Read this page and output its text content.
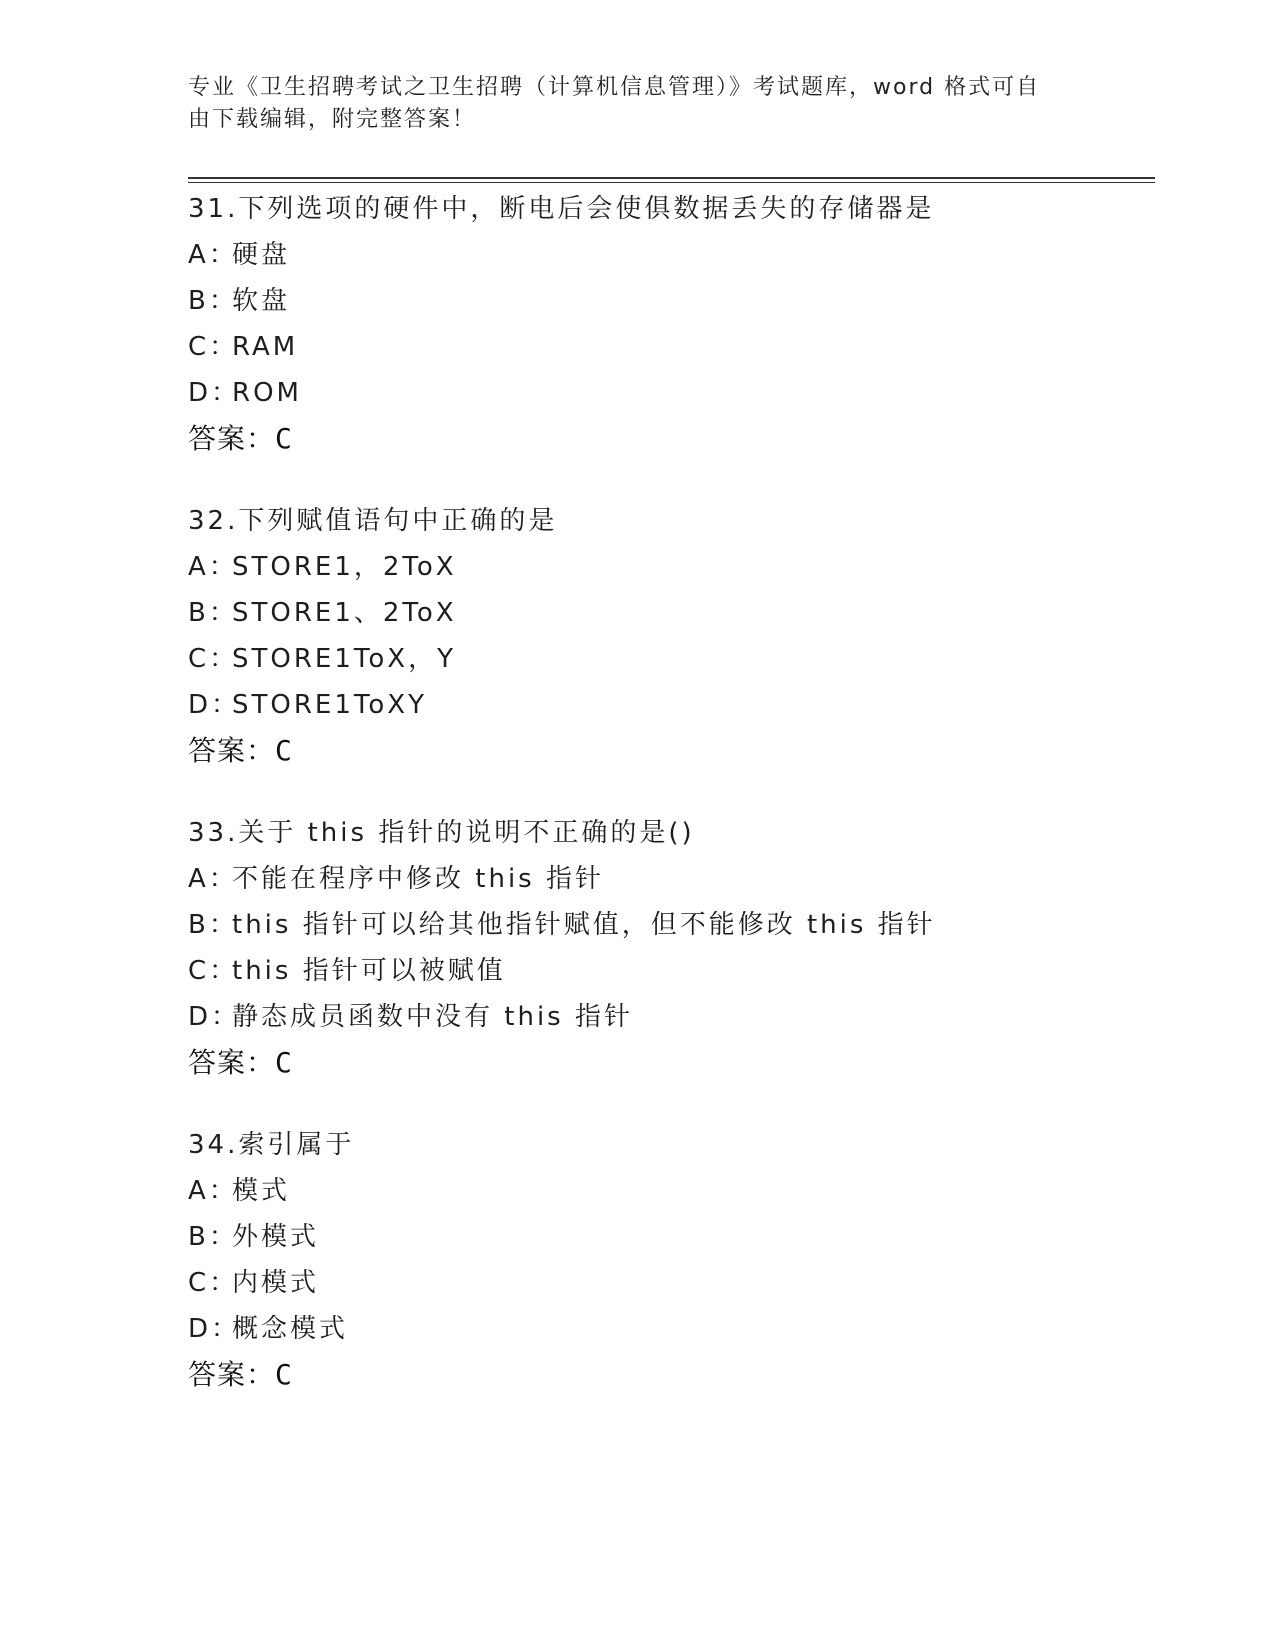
专业《卫生招聘考试之卫生招聘（计算机信息管理）》考试题库，word 格式可自
由下载编辑，附完整答案！
31.下列选项的硬件中，断电后会使俱数据丢失的存储器是
A：硬盘
B：软盘
C：RAM
D：ROM
答案：C
32.下列赋值语句中正确的是
A：STORE1，2ToX
B：STORE1、2ToX
C：STORE1ToX，Y
D：STORE1ToXY
答案：C
33.关于 this 指针的说明不正确的是()
A：不能在程序中修改 this 指针
B：this 指针可以给其他指针赋值，但不能修改 this 指针
C：this 指针可以被赋值
D：静态成员函数中没有 this 指针
答案：C
34.索引属于
A：模式
B：外模式
C：内模式
D：概念模式
答案：C
